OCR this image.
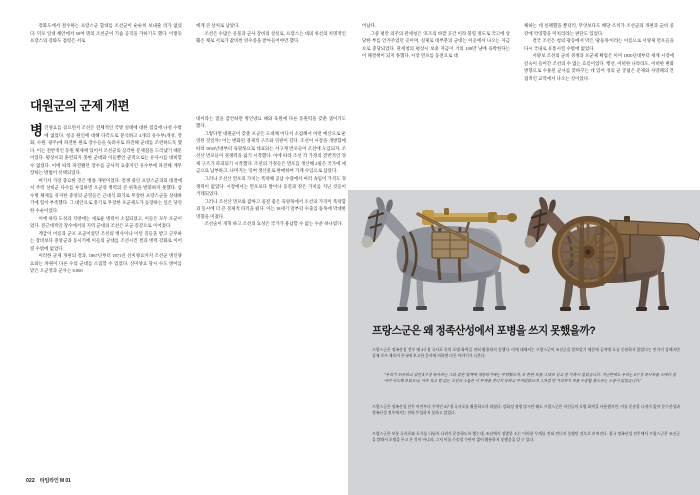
강화도에서 철수하는 프랑스군 함대를 조선군이 순순히 보내줄 리가 없었다. 덕포 일대 해안에서 50여 명의 조선군이 기습 공격을 가하기도 했다. 이렇듯 프랑스의 강화도 점령은 서로

대원군의 군제 개편
병 인양요를 겪으면서 조선은 전체적인 국방 실태에 대한 점검에 나설 수밖에 없었다. 청공 원인에 대해 다각도로 분석하고 4개의 유수부(개성, 강화, 수원, 광주)에 파견한 원로 장수들을 독려사로 파견해 군대를 조련하도록 했다. 이는 전반적인 동원 체제에 있어서 조선군의 심각한 문제점을 드러냈기 때문이었다. 평상시의 훈련되지 못한 군대와 이들뿐인 군적으로는 유사시를 대비할 수 없었다. 이에 따라 파견됐던 장수를 군사적 요충지인 유수부에 파견해 계무 장하는 방법이 선택되었다.

여기서 가장 중요한 것은 병종 개편이었다. 전쟁 중인 프랑스군과의 대결에서 주력 상비군 다수를 투입하면 오군영 병력의 큰 위축을 발휘하지 못했다. 삼수병 체제를 유지한 중앙의 군영들은 근대식 화기로 무장한 프랑스군을 상대하기에 힘이 부족했다. 그 대안으로 총기로 무장한 포군제도가 등장하는 일은 당연한 수순이었다.

이에 따라 도성과 지방에는 새로운 병력이 소집되었고, 이들은 모두 포군이었다. 전근대적인 장수에서의 지역 군대의 조선은 모군 증강으로 이어졌다.

계급이 이름과 군포 포군이었던 조선의 병사이나 이런 길들을 받고 근무하는 장비보다 중앙군과 동시기에 이들의 군대를 조선시킨 결과 병력 강화로 이어질 수밖에 없었다.

이러한 군제 개편의 결과, 1867년부터 1871년 신미양요까지 조선군 병인양요와는 차원이 다른 수의 군대를 소집할 수 있었다. 신미양요 당시 수도 방어를 맡은 오군영과 군사는 8,000

에게 큰 상처로 남았다.

조선은 수많은 유물과 군사 장비의 상실로, 프랑스는 대외 위신의 치명적인 훼손 채로 서로가 값비싼 영수증을 받아들어야만 했다.

대이라는 점을 감안하면 병인양요 때와 육원에 다른 동원력을 갖춘 셈이기도 했다.

그렇다면 대원군이 갖춘 포군은 도대체 어디서 소집해서 어떤 예산으로 운영된 것일까? 이는 변화된 경제적 구조와 연관이 깊다. 조선이 시장을 개방함에 따라 1830년대부터 육양목으로 대표되는 서구계 면포들이 조선에 도입되자, 조선산 면포들이 경쟁력을 잃기 시작했다. 이에 따라 조선 각 가정의 전반적인 경제 구조가 파괴되기 시작했다. 조선의 가정들은 면포를 생산해 2필은 국가에 세금으로 납부하고, 나머지는 잉여 생산물로 판매하여 가계 수입으로 삼았다.

그러나 조선산 면포의 가치는 폭락해 공납 수량에서 여러 속임이 가격도 경쟁력이 없었다. 시장에서는 면포보다 쌀이나 동전과 같은 가치를 지닌 것들이 거래되었다.

그러나 조선산 면포와 값싸고 품질 좋은 육양목에서 조선의 가격이 폭락함과 동시에 더 큰 경제적 타격을 줬다. 이는 18세기 말부터 수출입 품목에 막대한 영향을 미쳤다.

조선술이 개혁 하고 조선의 요성은 국가가 용납할 수 없는 수준 하나였다.

022 타임라인 M 01

어났다.

그중 평안 의주의 관세청은 '호조의 바깥 곳간 이라 불릴 정도로 국고에 상당한 부를 안겨주었던 곳이며, 실제로 대부분의 군대는 이곳에서 나오는 자금으로 충당되었다. 관세청의 평상시 보충 자금이 거의 100만 냥에 육박한다는 이 해결책이 되지 못했다. 시장 면포를 동전으로 대

체하는 데 실패했을 뿐더러, 무엇보다도 해당 조치가 조선군의 개편과 군비 증강에 악영향을 미치리라는 판단도 있었다.

결국 조선은 청의 광동에서 막은 '광둥목'이라는 이름으로 서양제 면포들을 다시 국내로 유통시킬 수밖에 없었다.

서양보 조선의 군비 경쟁과 포군제 확립은 이미 1830년대부터 세계 시장에 깊숙이 들어간 조선의 수 없는 흐름이었다. 행선, 어떠한 나라라도, 어떠한 변화 방향으로 수용된 군사를 맞바꾸는 데 있어 경의 군 궁핍은 문제와 사망패의 간접적인 교역에서 나오는 것이었다.

프랑스군은 왜 정족산성에서 포병을 쓰지 못했을까?

프랑스군은 정족산성 전투 때 4구경 곡사포 등의 포병 화력을 전혀 활용하지 못했다. 이에 대해서는 프랑스군이 조선군을 얕보았기 때문에 공격에 포를 동원하지 않았다는 인식이 강해지만 실제 로즈 제독이 본국에 보고한 문서에 의하면 다른 이야기가 나온다.

"우리가 보유하고 있던 4구경 곡사포는 그와 같은 방책에 대항하기에는 무력했으며, 또 한편 포를 그대로 싣고 갈 가축이 없었습니다. 지난번에도 우리는 4구경 곡사포를 소에다 실어야 시도해 보았으나, 아주 작고 힘 없는 조선의 소들은 이 무게를 견디지 못하고 주저앉았으며 그처럼 먼 거리까지 포를 수송할 용도로는 소용이 없었습니다."

프랑스군은 정족산성 전투 이전부터 주력인 4구경 곡사포를 활용하고자 하였다. 강화성 점령 당시만 해도 프랑스군은 자신들의 포병 화력을 사용했지만, 이를 운송할 나귀가 없어 문수산성과 정족산성 전투에서는 전혀 투입하지 못하고 있었다.

프랑스군은 보통 곡사포와 포가를 나눠서 나귀가 운송하도록 했는데, 조선에서 징발한 소는 이러한 무게를 전혀 견디지 못했던 것으로 보여진다. 결국 정족산성 전투에서 프랑스군은 조선군을 얕봐서 포병을 두고 온 것이 아니라, 그저 이를 수송할 수단이 없어 활용하지 못했음을 알 수 있다.
